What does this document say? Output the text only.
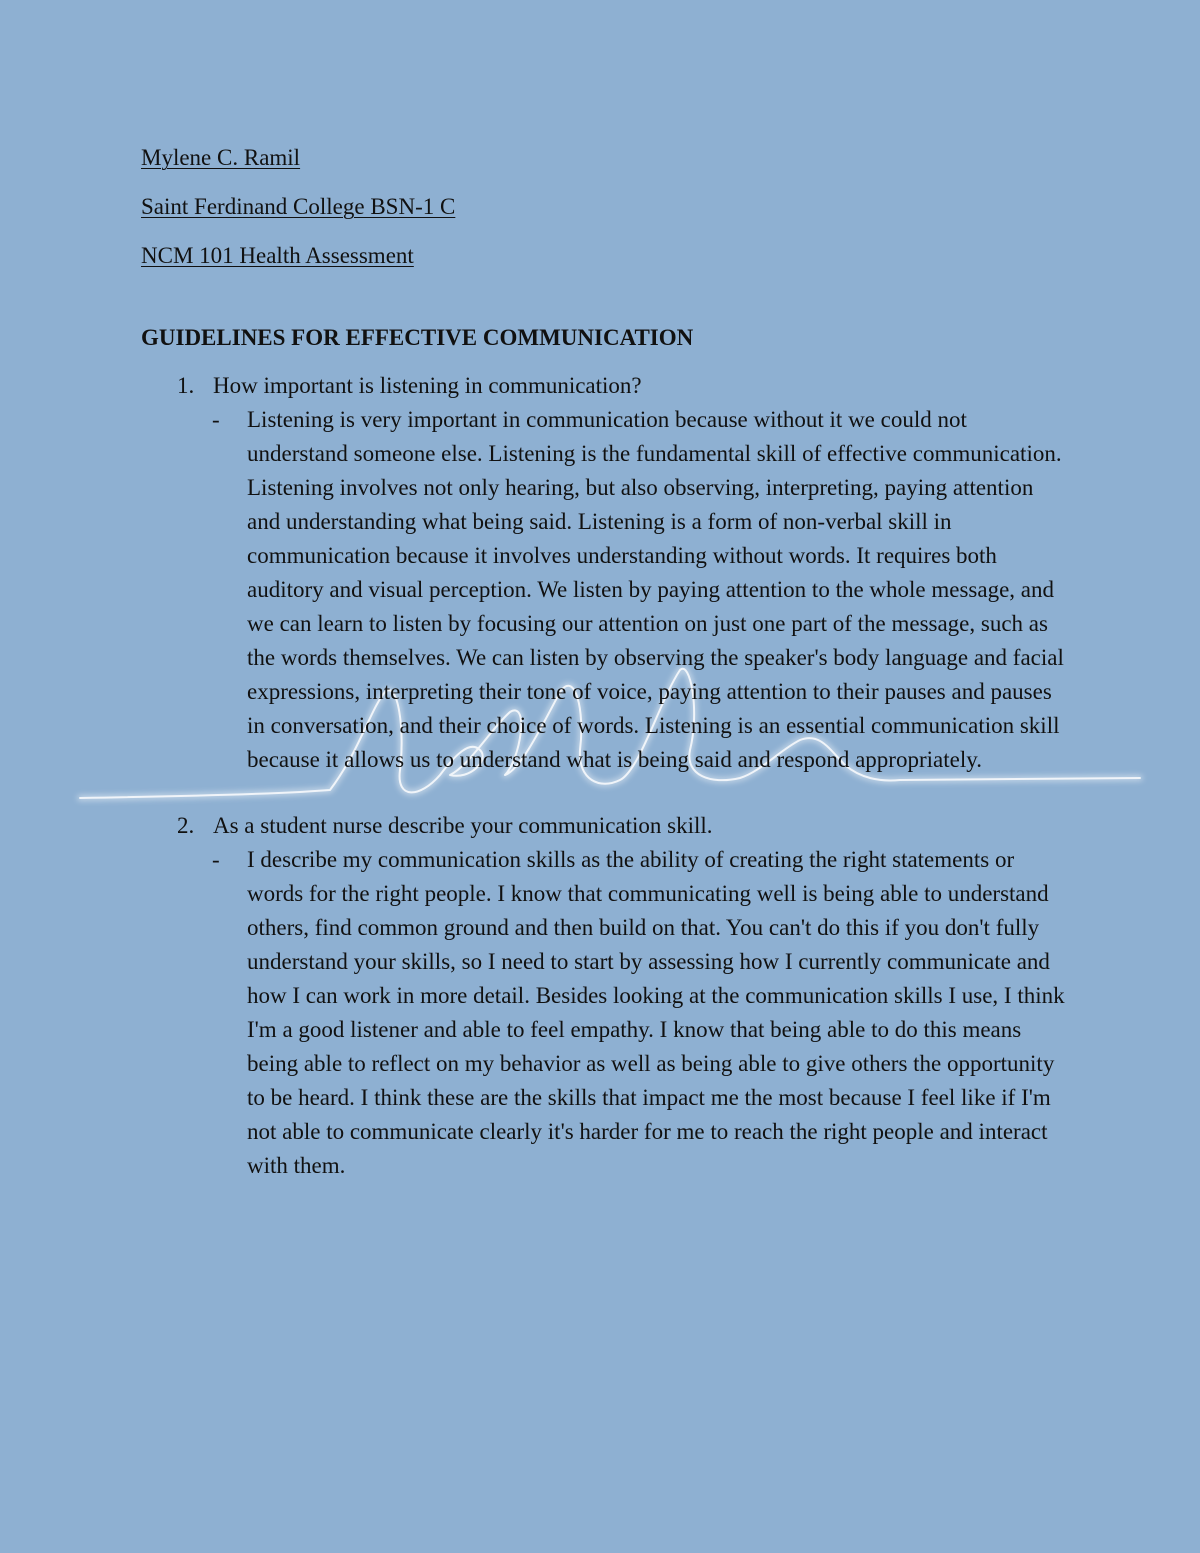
Mylene C. Ramil
Saint Ferdinand College BSN-1 C
NCM 101 Health Assessment
GUIDELINES FOR EFFECTIVE COMMUNICATION
1. How important is listening in communication?
- Listening is very important in communication because without it we could not understand someone else. Listening is the fundamental skill of effective communication. Listening involves not only hearing, but also observing, interpreting, paying attention and understanding what being said. Listening is a form of non-verbal skill in communication because it involves understanding without words. It requires both auditory and visual perception. We listen by paying attention to the whole message, and we can learn to listen by focusing our attention on just one part of the message, such as the words themselves. We can listen by observing the speaker's body language and facial expressions, interpreting their tone of voice, paying attention to their pauses and pauses in conversation, and their choice of words. Listening is an essential communication skill because it allows us to understand what is being said and respond appropriately.
2. As a student nurse describe your communication skill.
- I describe my communication skills as the ability of creating the right statements or words for the right people. I know that communicating well is being able to understand others, find common ground and then build on that. You can't do this if you don't fully understand your skills, so I need to start by assessing how I currently communicate and how I can work in more detail. Besides looking at the communication skills I use, I think I'm a good listener and able to feel empathy. I know that being able to do this means being able to reflect on my behavior as well as being able to give others the opportunity to be heard. I think these are the skills that impact me the most because I feel like if I'm not able to communicate clearly it's harder for me to reach the right people and interact with them.
